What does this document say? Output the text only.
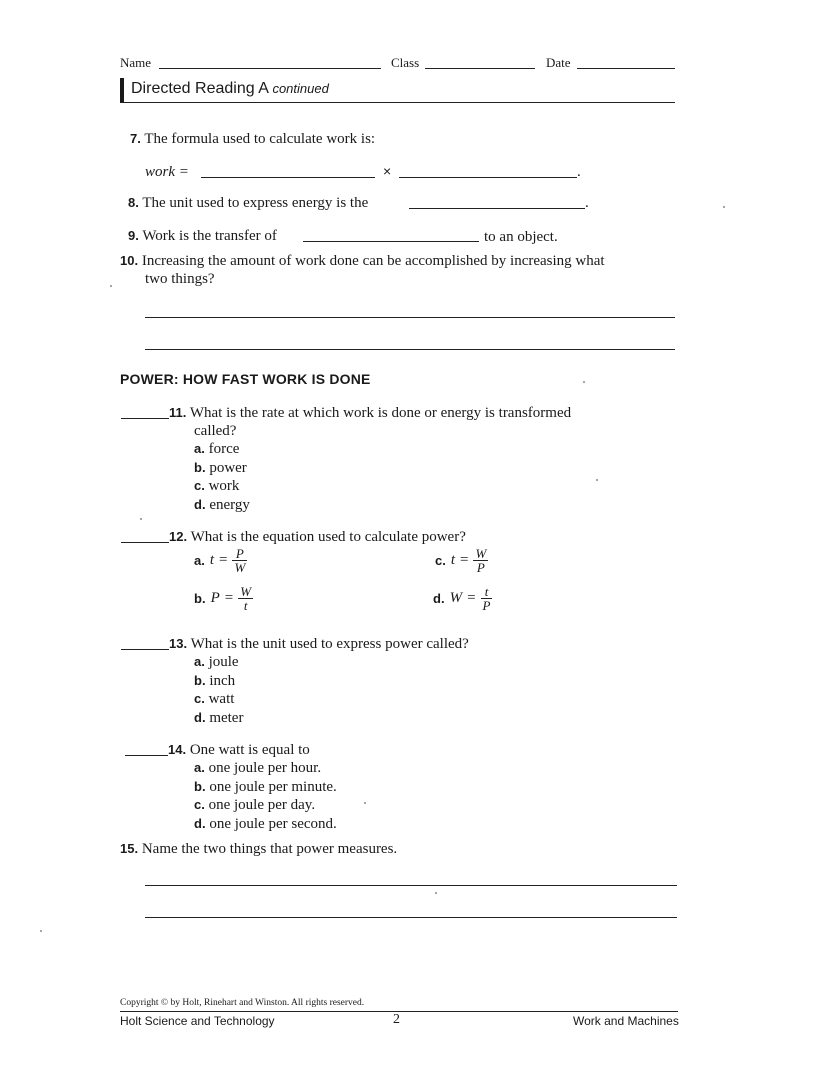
Name	Class	Date
Directed Reading A continued
7. The formula used to calculate work is:
work =	×	.
8. The unit used to express energy is the	.
9. Work is the transfer of	to an object.
10. Increasing the amount of work done can be accomplished by increasing what
two things?
POWER: HOW FAST WORK IS DONE
11. What is the rate at which work is done or energy is transformed
called?
a. force
b. power
c. work
d. energy
12. What is the equation used to calculate power?
a. $t = \frac{P}{W}$	c. $t = \frac{W}{P}$
b. $P = \frac{W}{t}$	d. $W = \frac{t}{P}$
13. What is the unit used to express power called?
a. joule
b. inch
c. watt
d. meter
14. One watt is equal to
a. one joule per hour.
b. one joule per minute.
c. one joule per day.
d. one joule per second.
15. Name the two things that power measures.
Copyright © by Holt, Rinehart and Winston. All rights reserved.
Holt Science and Technology	2	Work and Machines
